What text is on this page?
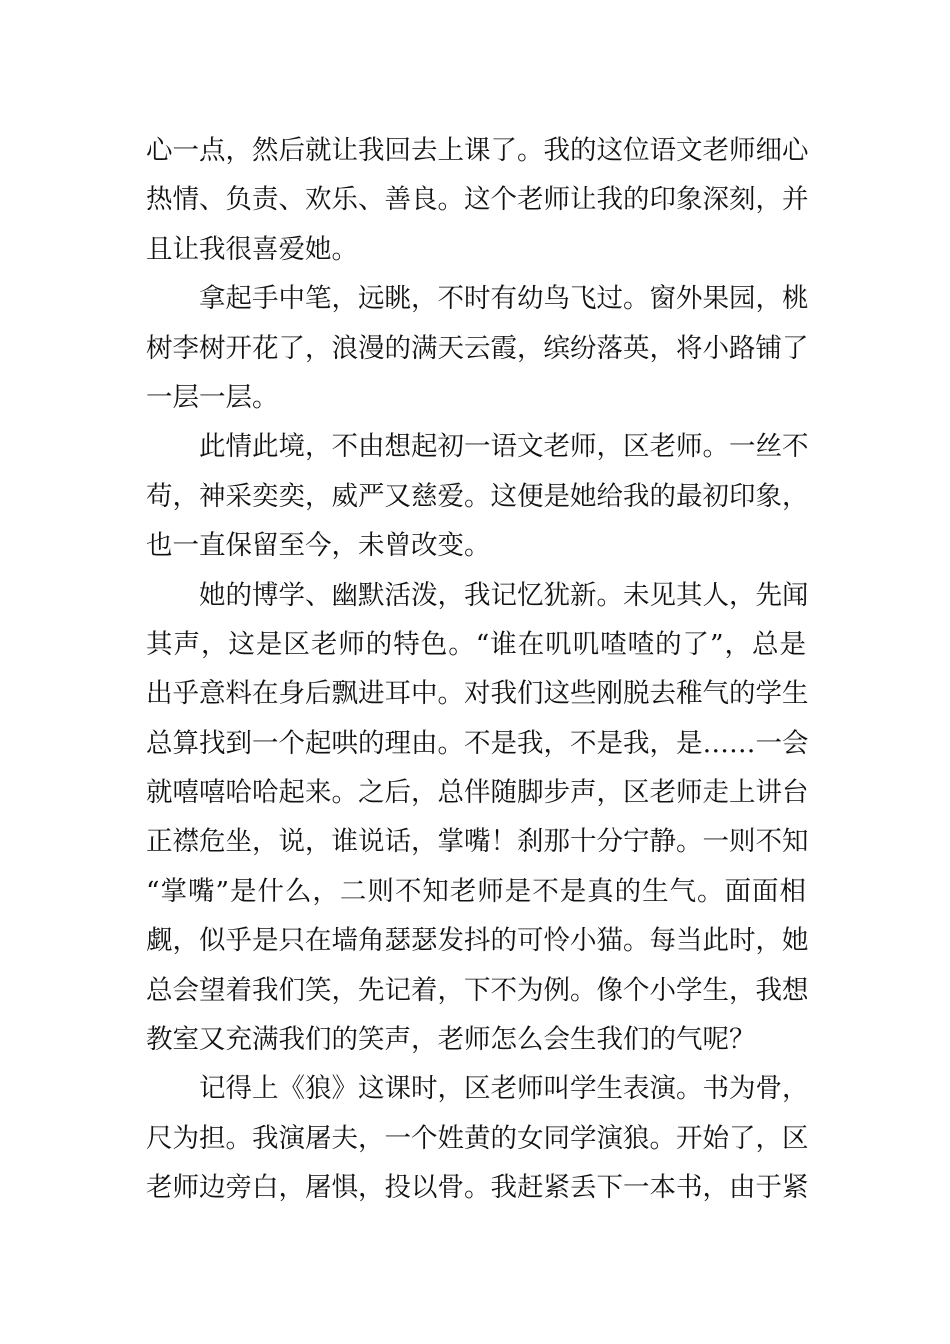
心一点，然后就让我回去上课了。我的这位语文老师细心
热情、负责、欢乐、善良。这个老师让我的印象深刻，并
且让我很喜爱她。
拿起手中笔，远眺，不时有幼鸟飞过。窗外果园，桃
树李树开花了，浪漫的满天云霞，缤纷落英，将小路铺了
一层一层。
此情此境，不由想起初一语文老师，区老师。一丝不
苟，神采奕奕，威严又慈爱。这便是她给我的最初印象，
也一直保留至今，未曾改变。
她的博学、幽默活泼，我记忆犹新。未见其人，先闻
其声，这是区老师的特色。“谁在叽叽喳喳的了”，总是
出乎意料在身后飘进耳中。对我们这些刚脱去稚气的学生
总算找到一个起哄的理由。不是我，不是我，是……一会
就嘻嘻哈哈起来。之后，总伴随脚步声，区老师走上讲台
正襟危坐，说，谁说话，掌嘴！刹那十分宁静。一则不知
“掌嘴”是什么，二则不知老师是不是真的生气。面面相
觑，似乎是只在墙角瑟瑟发抖的可怜小猫。每当此时，她
总会望着我们笑，先记着，下不为例。像个小学生，我想
教室又充满我们的笑声，老师怎么会生我们的气呢？
记得上《狼》这课时，区老师叫学生表演。书为骨，
尺为担。我演屠夫，一个姓黄的女同学演狼。开始了，区
老师边旁白，屠惧，投以骨。我赶紧丢下一本书，由于紧
